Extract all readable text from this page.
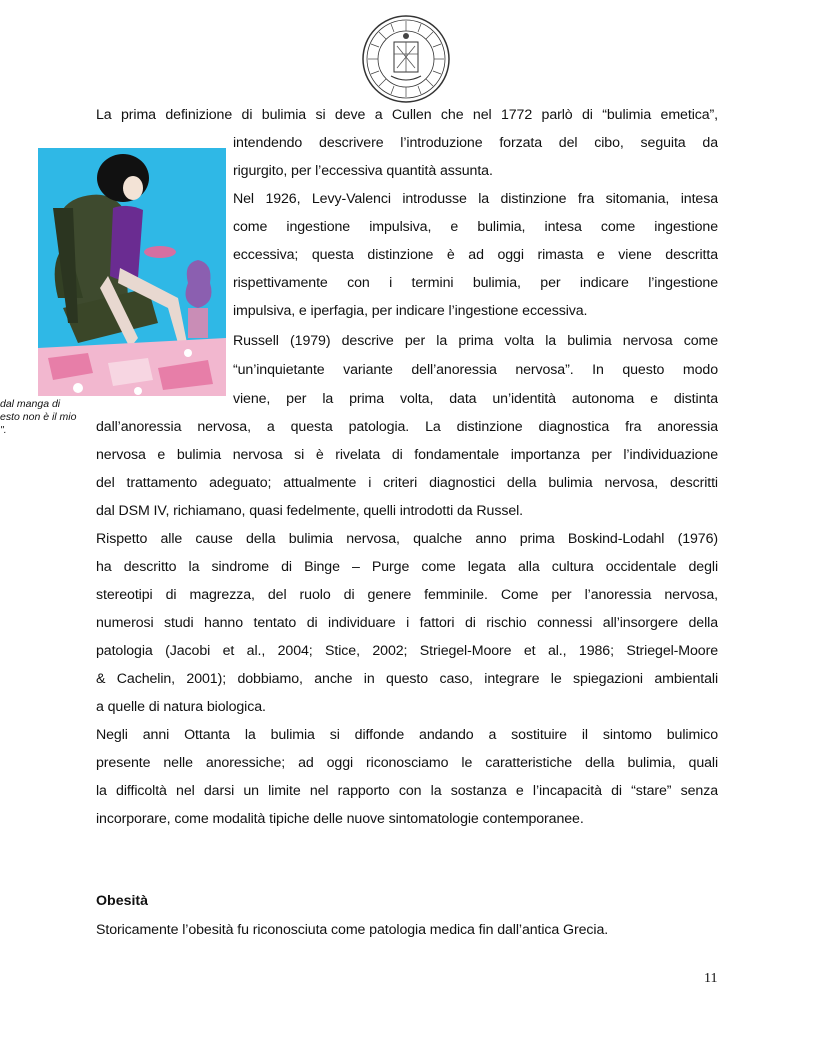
dal manga di
esto non è il mio
".
La prima definizione di bulimia si deve a Cullen che nel 1772 parlò di “bulimia emetica”,
intendendo descrivere l’introduzione forzata del cibo, seguita da
rigurgito, per l’eccessiva quantità assunta.
Nel 1926, Levy-Valenci introdusse la distinzione fra sitomania, intesa
come ingestione impulsiva, e bulimia, intesa come ingestione
eccessiva; questa distinzione è ad oggi rimasta e viene descritta
rispettivamente con i termini bulimia, per indicare l’ingestione
impulsiva, e iperfagia, per indicare l’ingestione eccessiva.
Russell (1979) descrive per la prima volta la bulimia nervosa come
“un’inquietante variante dell’anoressia nervosa”. In questo modo
viene, per la prima volta, data un’identità autonoma e distinta
dall’anoressia nervosa, a questa patologia. La distinzione diagnostica fra anoressia
nervosa e bulimia nervosa si è rivelata di fondamentale importanza per l’individuazione
del trattamento adeguato; attualmente i criteri diagnostici della bulimia nervosa, descritti
dal DSM IV, richiamano, quasi fedelmente, quelli introdotti da Russel.
Rispetto alle cause della bulimia nervosa, qualche anno prima Boskind-Lodahl (1976)
ha descritto la sindrome di Binge – Purge come legata alla cultura occidentale degli
stereotipi di magrezza, del ruolo di genere femminile. Come per l’anoressia nervosa,
numerosi studi hanno tentato di individuare i fattori di rischio connessi all’insorgere della
patologia (Jacobi et al., 2004; Stice, 2002; Striegel-Moore et al., 1986; Striegel-Moore
& Cachelin, 2001); dobbiamo, anche in questo caso, integrare le spiegazioni ambientali
a quelle di natura biologica.
Negli anni Ottanta la bulimia si diffonde andando a sostituire il sintomo bulimico
presente nelle anoressiche; ad oggi riconosciamo le caratteristiche della bulimia, quali
la difficoltà nel darsi un limite nel rapporto con la sostanza e l’incapacità di “stare” senza
incorporare, come modalità tipiche delle nuove sintomatologie contemporanee.
Obesità
Storicamente l’obesità fu riconosciuta come patologia medica fin dall’antica Grecia.
11
